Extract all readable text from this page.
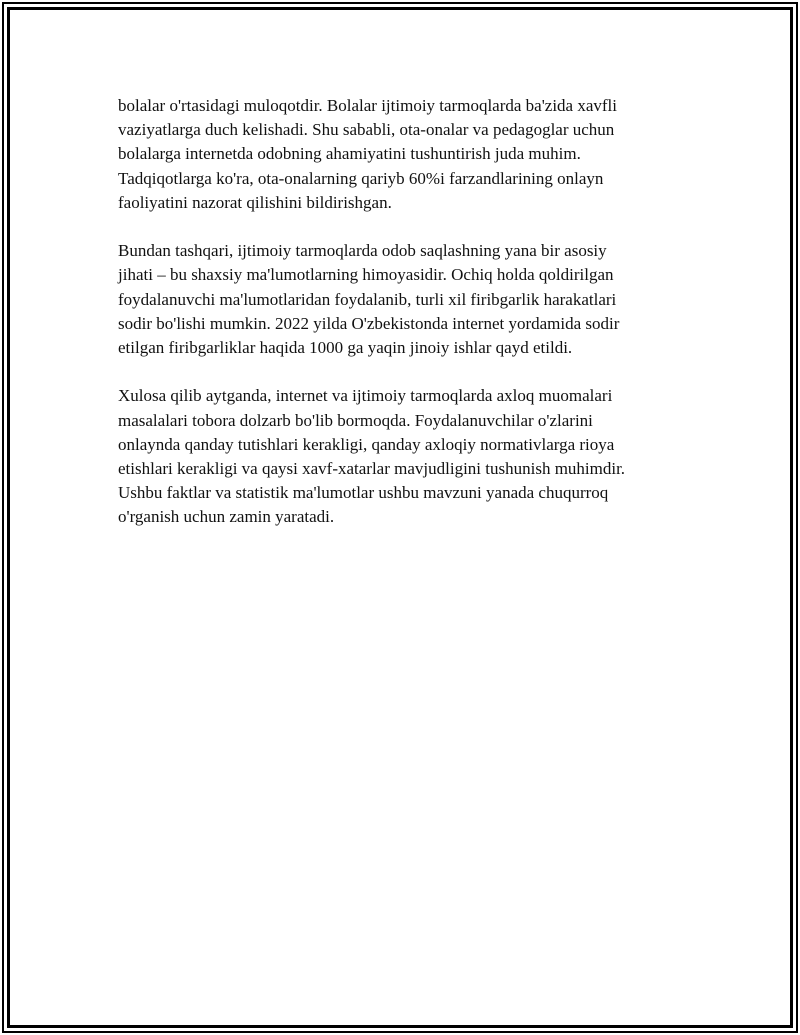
bolalar o'rtasidagi muloqotdir. Bolalar ijtimoiy tarmoqlarda ba'zida xavfli
vaziyatlarga duch kelishadi. Shu sababli, ota-onalar va pedagoglar uchun
bolalarga internetda odobning ahamiyatini tushuntirish juda muhim.
Tadqiqotlarga ko'ra, ota-onalarning qariyb 60%i farzandlarining onlayn
faoliyatini nazorat qilishini bildirishgan.

Bundan tashqari, ijtimoiy tarmoqlarda odob saqlashning yana bir asosiy
jihati – bu shaxsiy ma'lumotlarning himoyasidir. Ochiq holda qoldirilgan
foydalanuvchi ma'lumotlaridan foydalanib, turli xil firibgarlik harakatlari
sodir bo'lishi mumkin. 2022 yilda O'zbekistonda internet yordamida sodir
etilgan firibgarliklar haqida 1000 ga yaqin jinoiy ishlar qayd etildi.

Xulosa qilib aytganda, internet va ijtimoiy tarmoqlarda axloq muomalari
masalalari tobora dolzarb bo'lib bormoqda. Foydalanuvchilar o'zlarini
onlaynda qanday tutishlari kerakligi, qanday axloqiy normativlarga rioya
etishlari kerakligi va qaysi xavf-xatarlar mavjudligini tushunish muhimdir.
Ushbu faktlar va statistik ma'lumotlar ushbu mavzuni yanada chuqurroq
o'rganish uchun zamin yaratadi.
